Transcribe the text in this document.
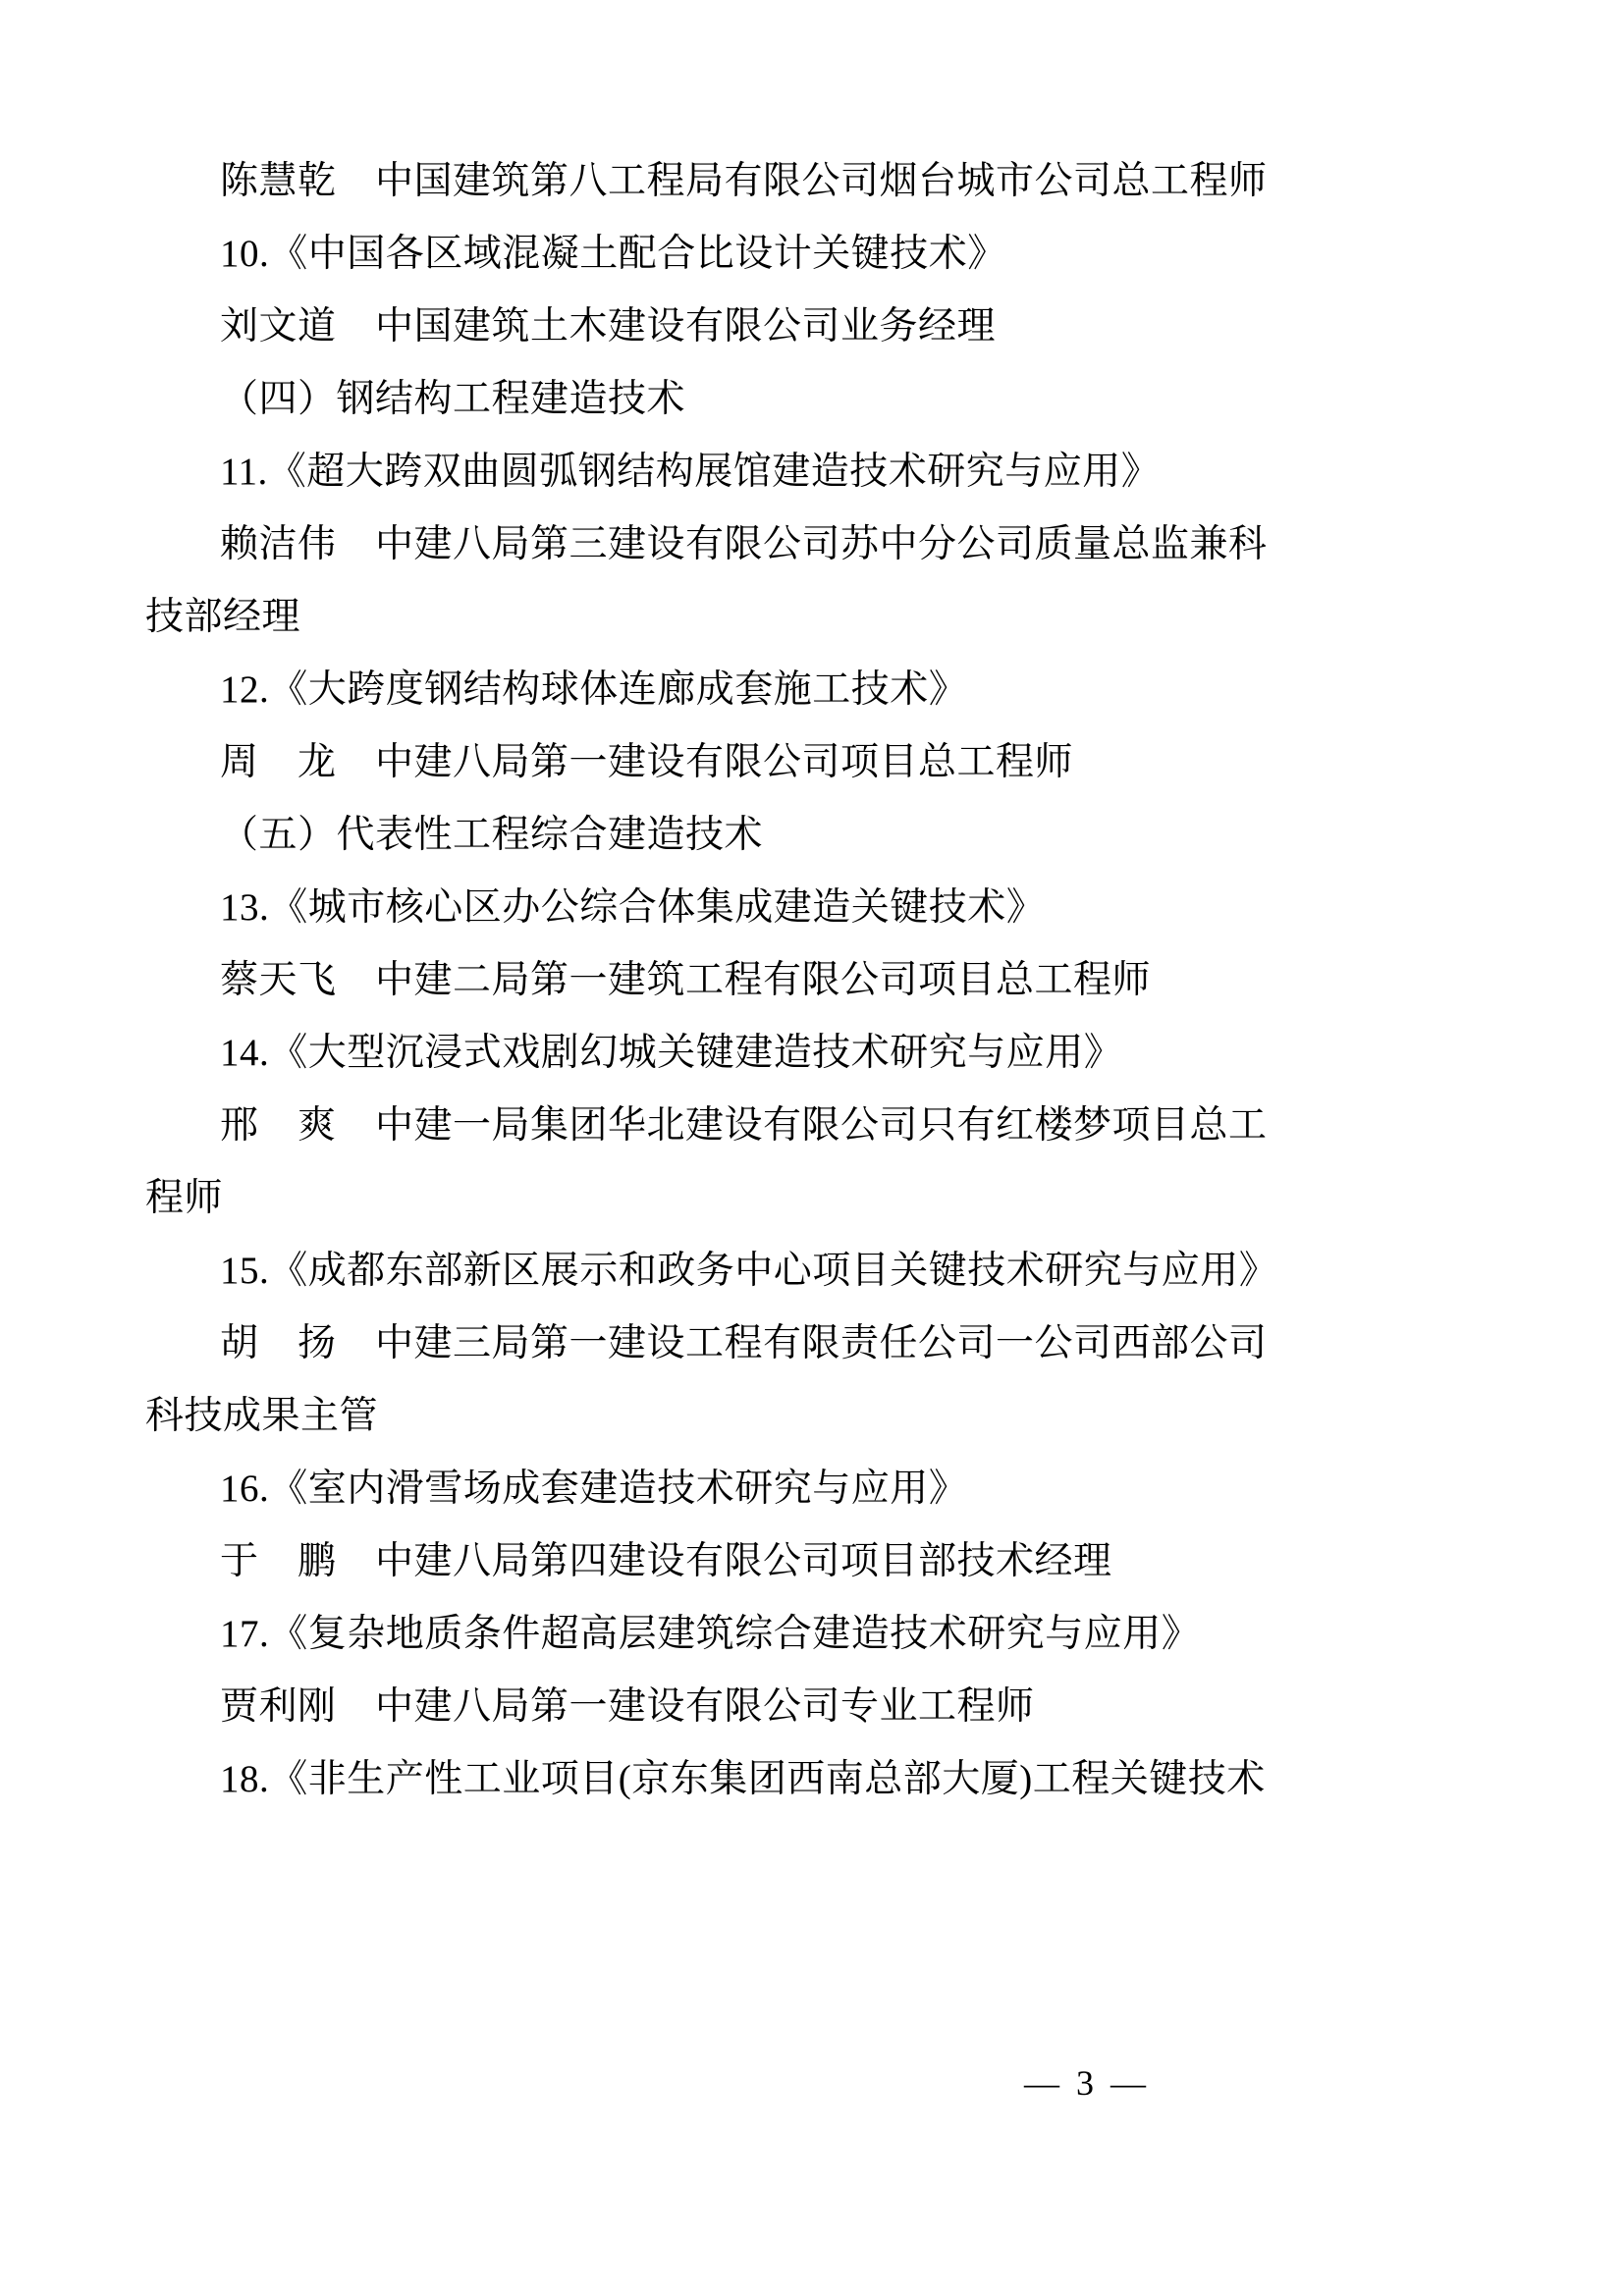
陈慧乾　中国建筑第八工程局有限公司烟台城市公司总工程师
10.《中国各区域混凝土配合比设计关键技术》
刘文道　中国建筑土木建设有限公司业务经理
（四）钢结构工程建造技术
11.《超大跨双曲圆弧钢结构展馆建造技术研究与应用》
赖洁伟　中建八局第三建设有限公司苏中分公司质量总监兼科
技部经理
12.《大跨度钢结构球体连廊成套施工技术》
周　龙　中建八局第一建设有限公司项目总工程师
（五）代表性工程综合建造技术
13.《城市核心区办公综合体集成建造关键技术》
蔡天飞　中建二局第一建筑工程有限公司项目总工程师
14.《大型沉浸式戏剧幻城关键建造技术研究与应用》
邢　爽　中建一局集团华北建设有限公司只有红楼梦项目总工
程师
15.《成都东部新区展示和政务中心项目关键技术研究与应用》
胡　扬　中建三局第一建设工程有限责任公司一公司西部公司
科技成果主管
16.《室内滑雪场成套建造技术研究与应用》
于　鹏　中建八局第四建设有限公司项目部技术经理
17.《复杂地质条件超高层建筑综合建造技术研究与应用》
贾利刚　中建八局第一建设有限公司专业工程师
18.《非生产性工业项目(京东集团西南总部大厦)工程关键技术
— 3 —
